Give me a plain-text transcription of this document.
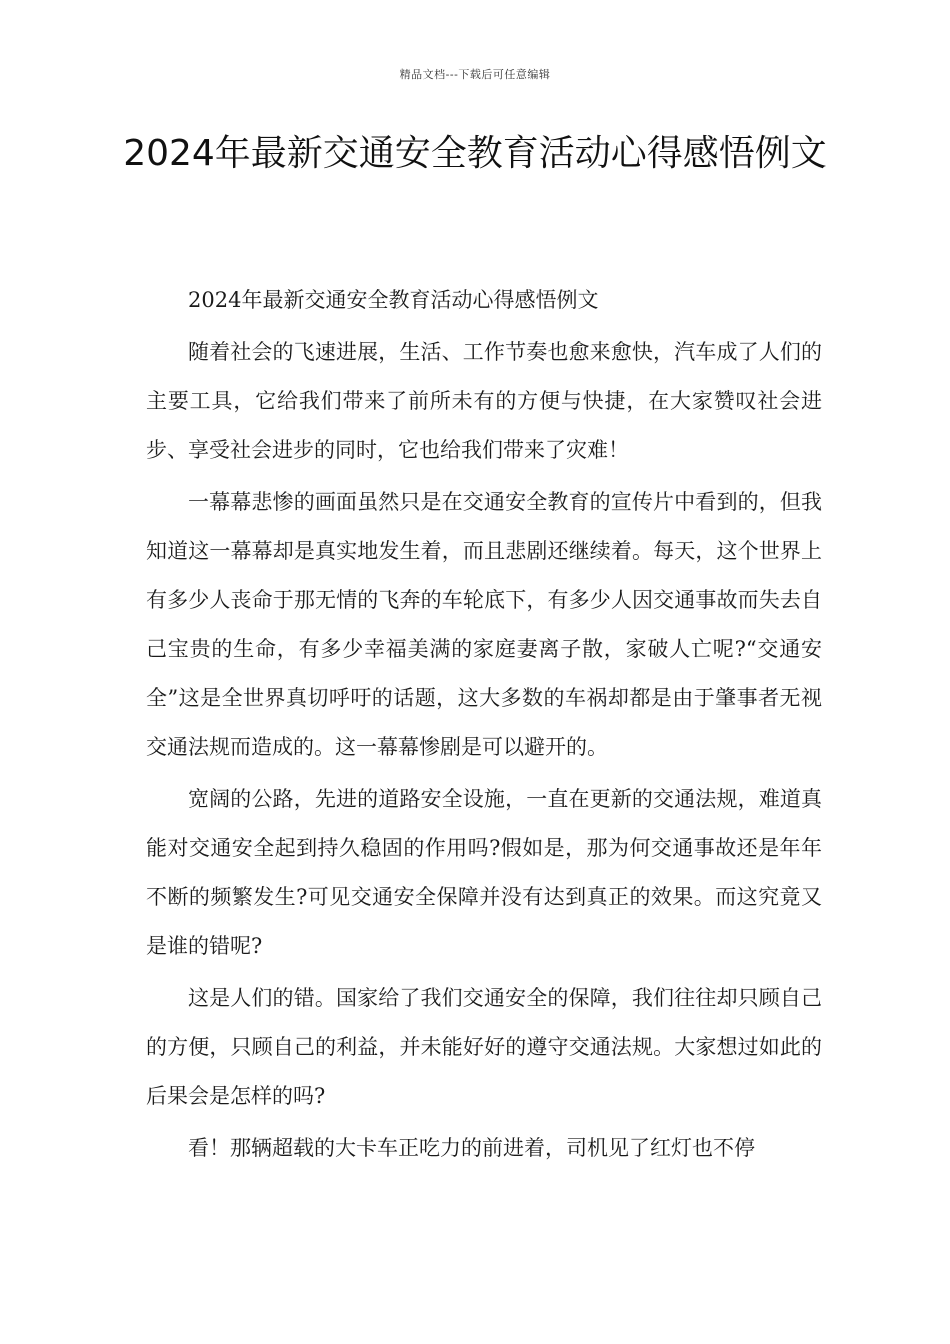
精品文档---下载后可任意编辑
2024年最新交通安全教育活动心得感悟例文

2024年最新交通安全教育活动心得感悟例文

随着社会的飞速进展，生活、工作节奏也愈来愈快，汽车成了人们的主要工具，它给我们带来了前所未有的方便与快捷，在大家赞叹社会进步、享受社会进步的同时，它也给我们带来了灾难！

一幕幕悲惨的画面虽然只是在交通安全教育的宣传片中看到的，但我知道这一幕幕却是真实地发生着，而且悲剧还继续着。每天，这个世界上有多少人丧命于那无情的飞奔的车轮底下，有多少人因交通事故而失去自己宝贵的生命，有多少幸福美满的家庭妻离子散，家破人亡呢?“交通安全”这是全世界真切呼吁的话题，这大多数的车祸却都是由于肇事者无视交通法规而造成的。这一幕幕惨剧是可以避开的。

宽阔的公路，先进的道路安全设施，一直在更新的交通法规，难道真能对交通安全起到持久稳固的作用吗?假如是，那为何交通事故还是年年不断的频繁发生?可见交通安全保障并没有达到真正的效果。而这究竟又是谁的错呢?

这是人们的错。国家给了我们交通安全的保障，我们往往却只顾自己的方便，只顾自己的利益，并未能好好的遵守交通法规。大家想过如此的后果会是怎样的吗?

看！那辆超载的大卡车正吃力的前进着，司机见了红灯也不停
